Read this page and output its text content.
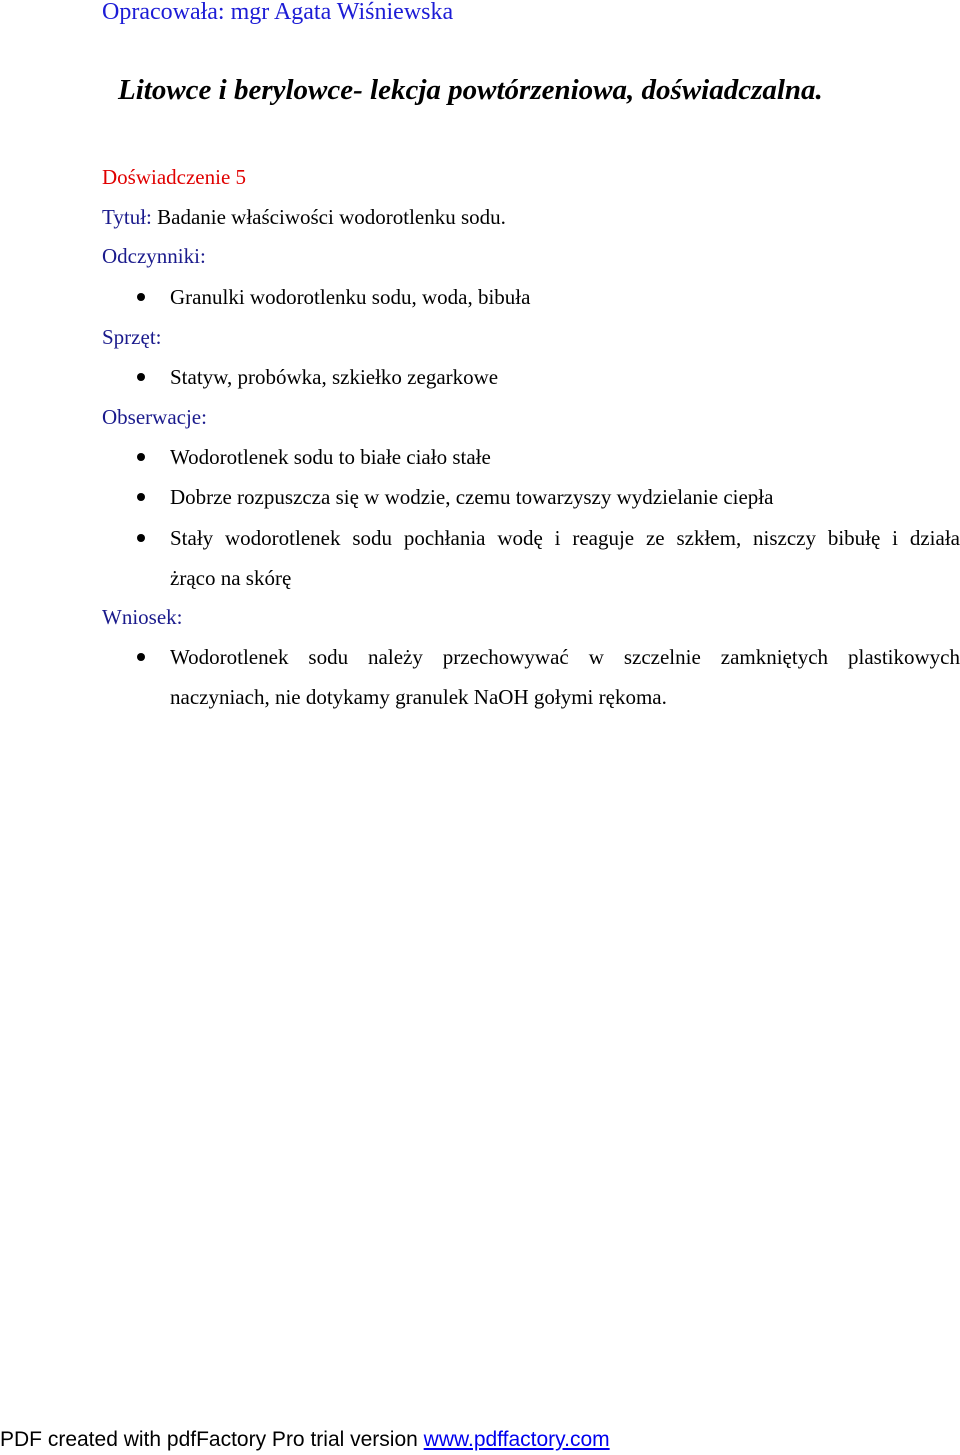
Opracowała: mgr Agata Wiśniewska
Litowce i berylowce- lekcja powtórzeniowa, doświadczalna.
Doświadczenie 5
Tytuł: Badanie właściwości wodorotlenku sodu.
Odczynniki:
Granulki wodorotlenku sodu, woda, bibuła
Sprzęt:
Statyw, probówka, szkiełko zegarkowe
Obserwacje:
Wodorotlenek sodu to białe ciało stałe
Dobrze rozpuszcza się w wodzie, czemu towarzyszy wydzielanie ciepła
Stały wodorotlenek sodu pochłania wodę i reaguje ze szkłem, niszczy bibułę i działa
żrąco na skórę
Wniosek:
Wodorotlenek sodu należy przechowywać w szczelnie zamkniętych plastikowych
naczyniach, nie dotykamy granulek NaOH gołymi rękoma.
PDF created with pdfFactory Pro trial version www.pdffactory.com
